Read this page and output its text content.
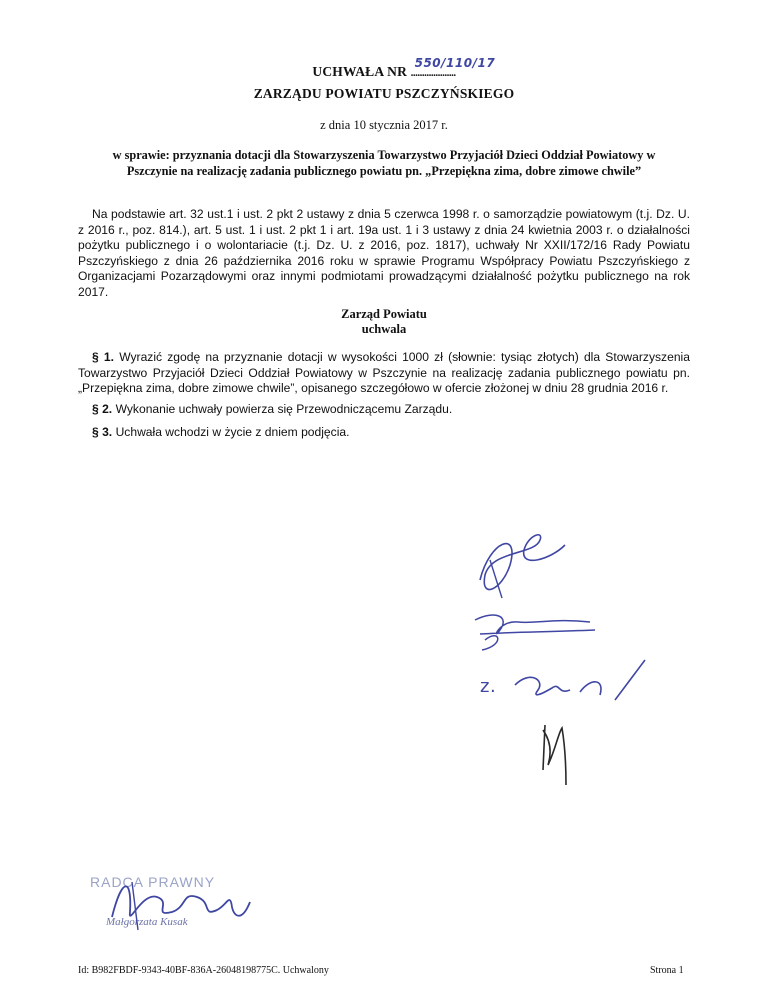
UCHWAŁA NR ....................
550/110/17
ZARZĄDU POWIATU PSZCZYŃSKIEGO
z dnia 10 stycznia 2017 r.
w sprawie: przyznania dotacji dla Stowarzyszenia Towarzystwo Przyjaciół Dzieci Oddział Powiatowy w
Pszczynie na realizację zadania publicznego powiatu pn. „Przepiękna zima, dobre zimowe chwile”
Na podstawie art. 32 ust.1 i ust. 2 pkt 2 ustawy z dnia 5 czerwca 1998 r. o samorządzie powiatowym (t.j. Dz. U. z 2016 r., poz. 814.), art. 5 ust. 1 i ust. 2 pkt 1 i art. 19a ust. 1 i 3 ustawy z dnia 24 kwietnia 2003 r. o działalności pożytku publicznego i o wolontariacie (t.j. Dz. U. z 2016, poz. 1817), uchwały Nr XXII/172/16 Rady Powiatu Pszczyńskiego z dnia 26 października 2016 roku w sprawie Programu Współpracy Powiatu Pszczyńskiego z Organizacjami Pozarządowymi oraz innymi podmiotami prowadzącymi działalność pożytku publicznego na rok 2017.
Zarząd Powiatu
uchwala
§ 1. Wyrazić zgodę na przyznanie dotacji w wysokości 1000 zł (słownie: tysiąc złotych) dla Stowarzyszenia Towarzystwo Przyjaciół Dzieci Oddział Powiatowy w Pszczynie na realizację zadania publicznego powiatu pn. „Przepiękna zima, dobre zimowe chwile”, opisanego szczegółowo w ofercie złożonej w dniu 28 grudnia 2016 r.
§ 2. Wykonanie uchwały powierza się Przewodniczącemu Zarządu.
§ 3. Uchwała wchodzi w życie z dniem podjęcia.
z.
RADCA PRAWNY
Małgorzata Kusak
Id: B982FBDF-9343-40BF-836A-26048198775C. Uchwalony	Strona 1
